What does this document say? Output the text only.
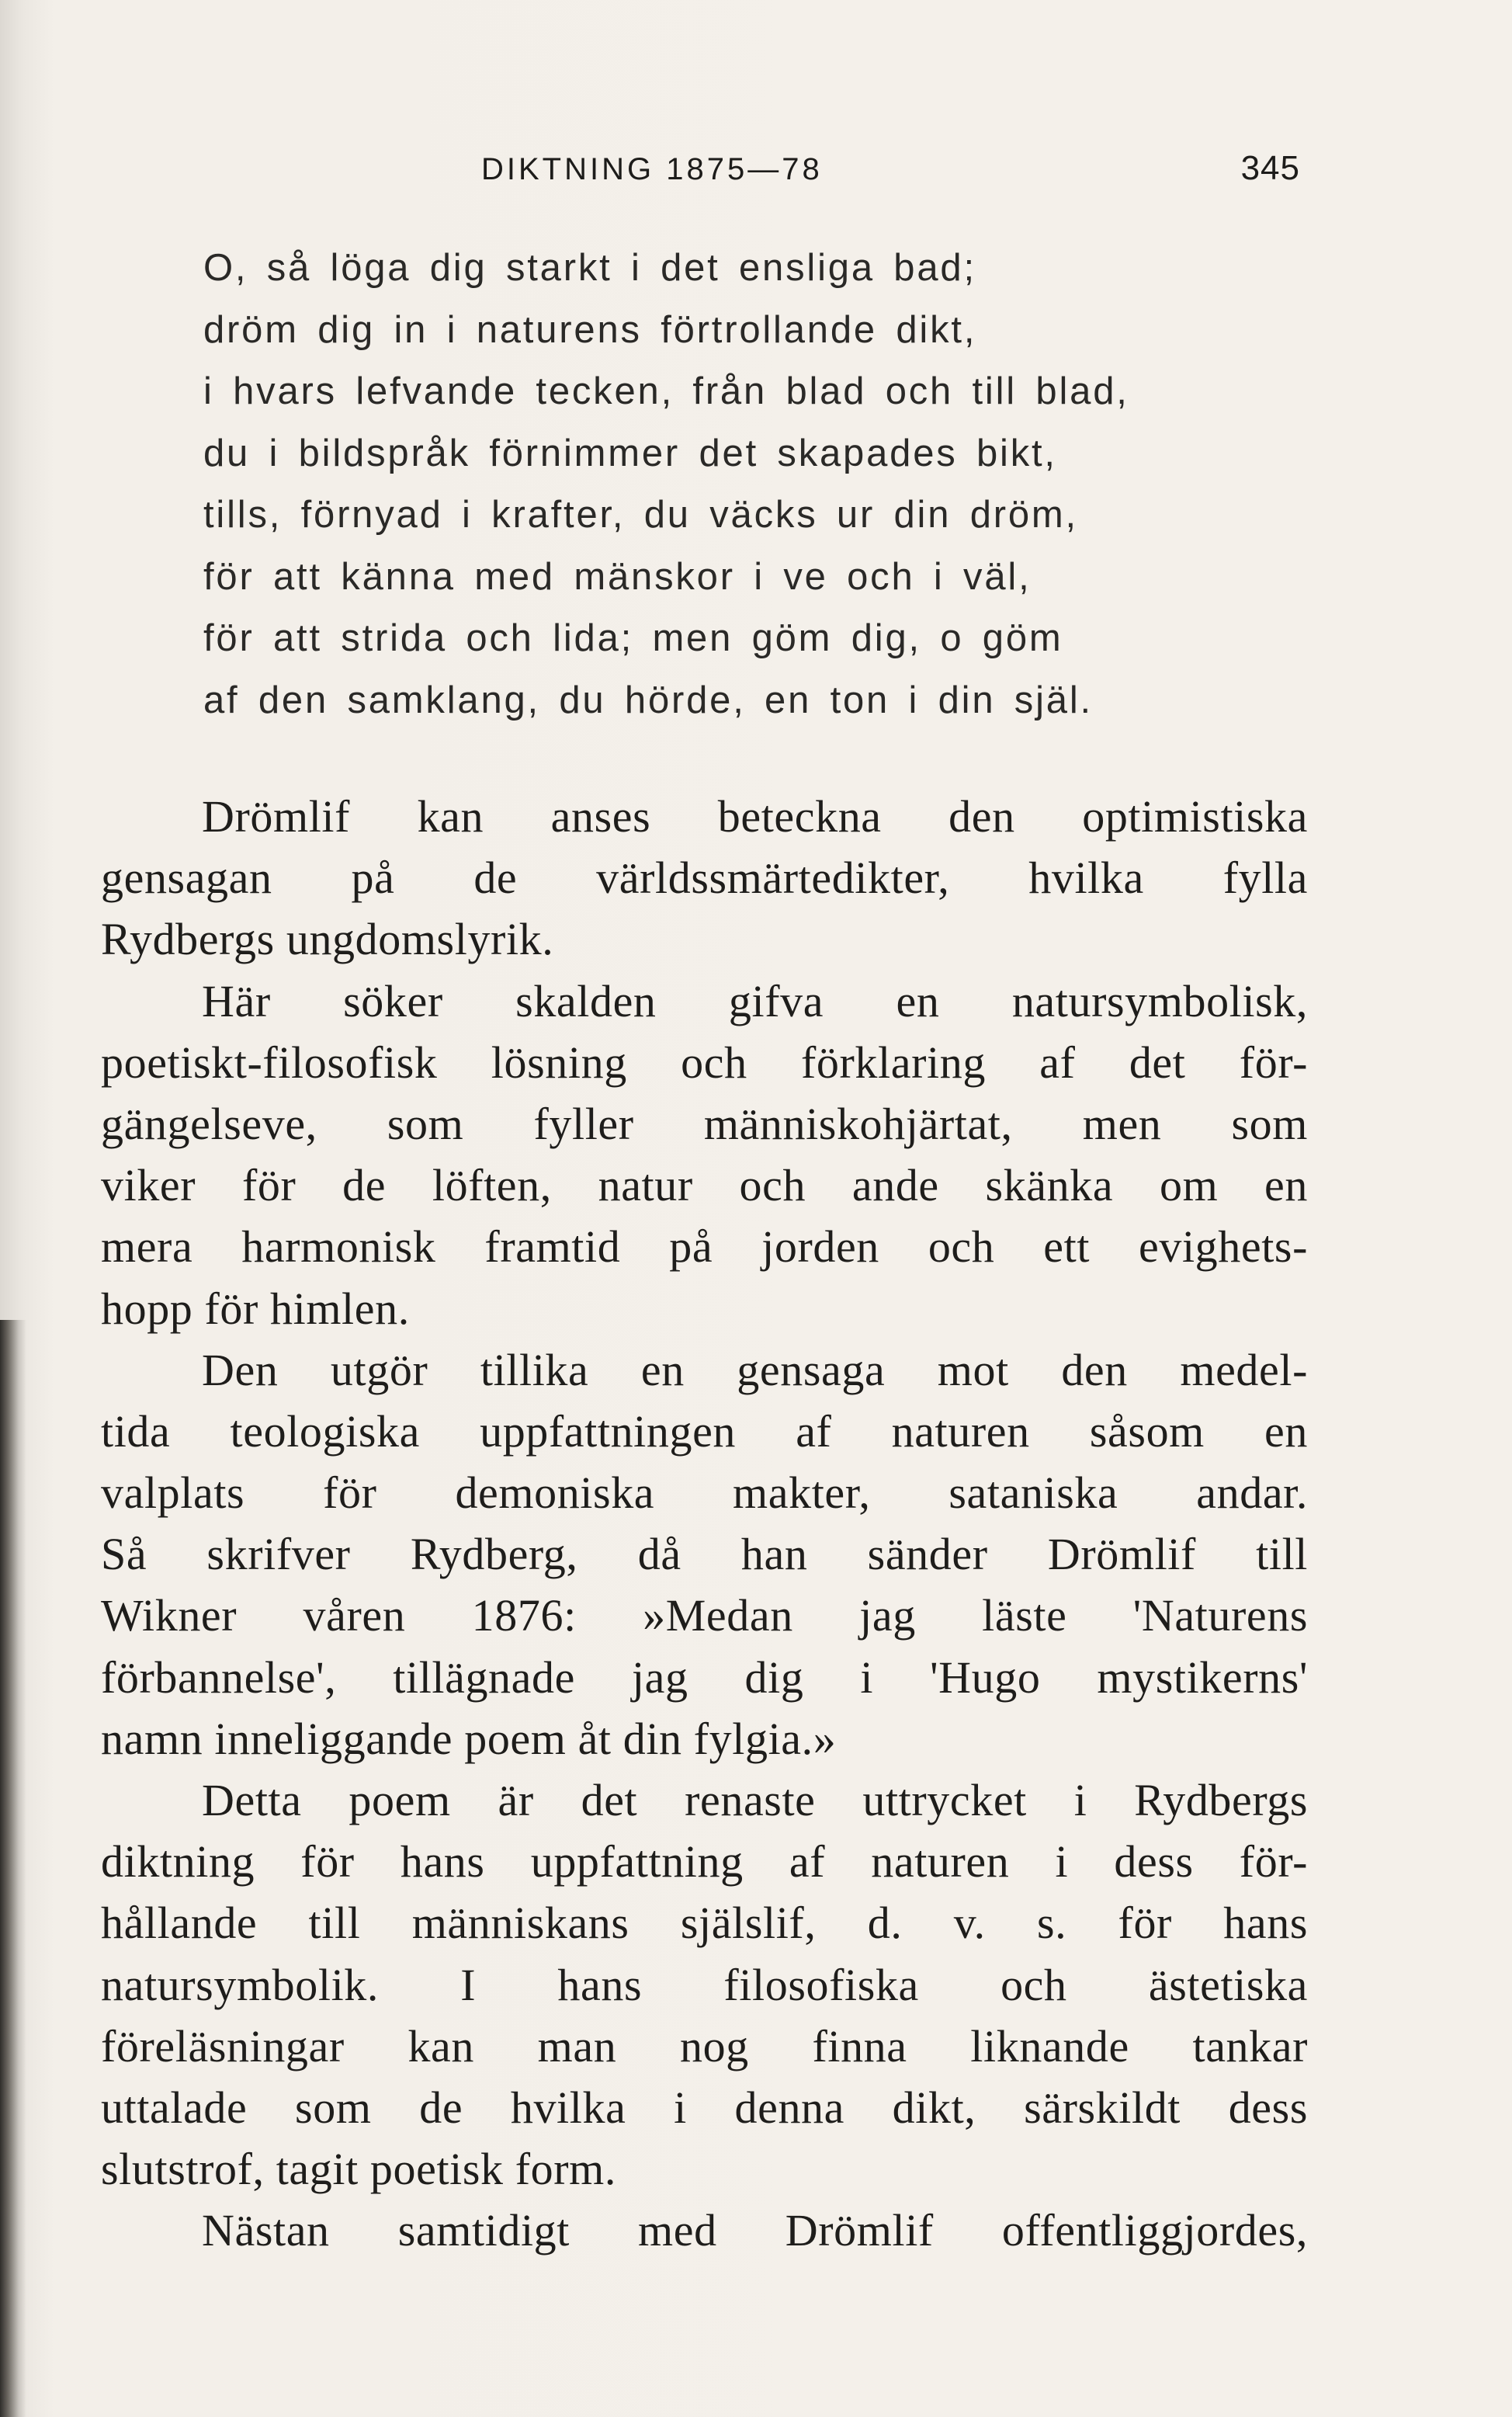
DIKTNING 1875—78	345
O, så löga dig starkt i det ensliga bad;
dröm dig in i naturens förtrollande dikt,
i hvars lefvande tecken, från blad och till blad,
du i bildspråk förnimmer det skapades bikt,
tills, förnyad i krafter, du väcks ur din dröm,
för att känna med mänskor i ve och i väl,
för att strida och lida; men göm dig, o göm
af den samklang, du hörde, en ton i din själ.
Drömlif kan anses beteckna den optimistiska
gensagan på de världssmärtedikter, hvilka fylla
Rydbergs ungdomslyrik.
Här söker skalden gifva en natursymbolisk,
poetiskt-filosofisk lösning och förklaring af det för-
gängelseve, som fyller människohjärtat, men som
viker för de löften, natur och ande skänka om en
mera harmonisk framtid på jorden och ett evighets-
hopp för himlen.
Den utgör tillika en gensaga mot den medel-
tida teologiska uppfattningen af naturen såsom en
valplats för demoniska makter, sataniska andar.
Så skrifver Rydberg, då han sänder Drömlif till
Wikner våren 1876: »Medan jag läste 'Naturens
förbannelse', tillägnade jag dig i 'Hugo mystikerns'
namn inneliggande poem åt din fylgia.»
Detta poem är det renaste uttrycket i Rydbergs
diktning för hans uppfattning af naturen i dess för-
hållande till människans själslif, d. v. s. för hans
natursymbolik. I hans filosofiska och ästetiska
föreläsningar kan man nog finna liknande tankar
uttalade som de hvilka i denna dikt, särskildt dess
slutstrof, tagit poetisk form.
Nästan samtidigt med Drömlif offentliggjordes,
